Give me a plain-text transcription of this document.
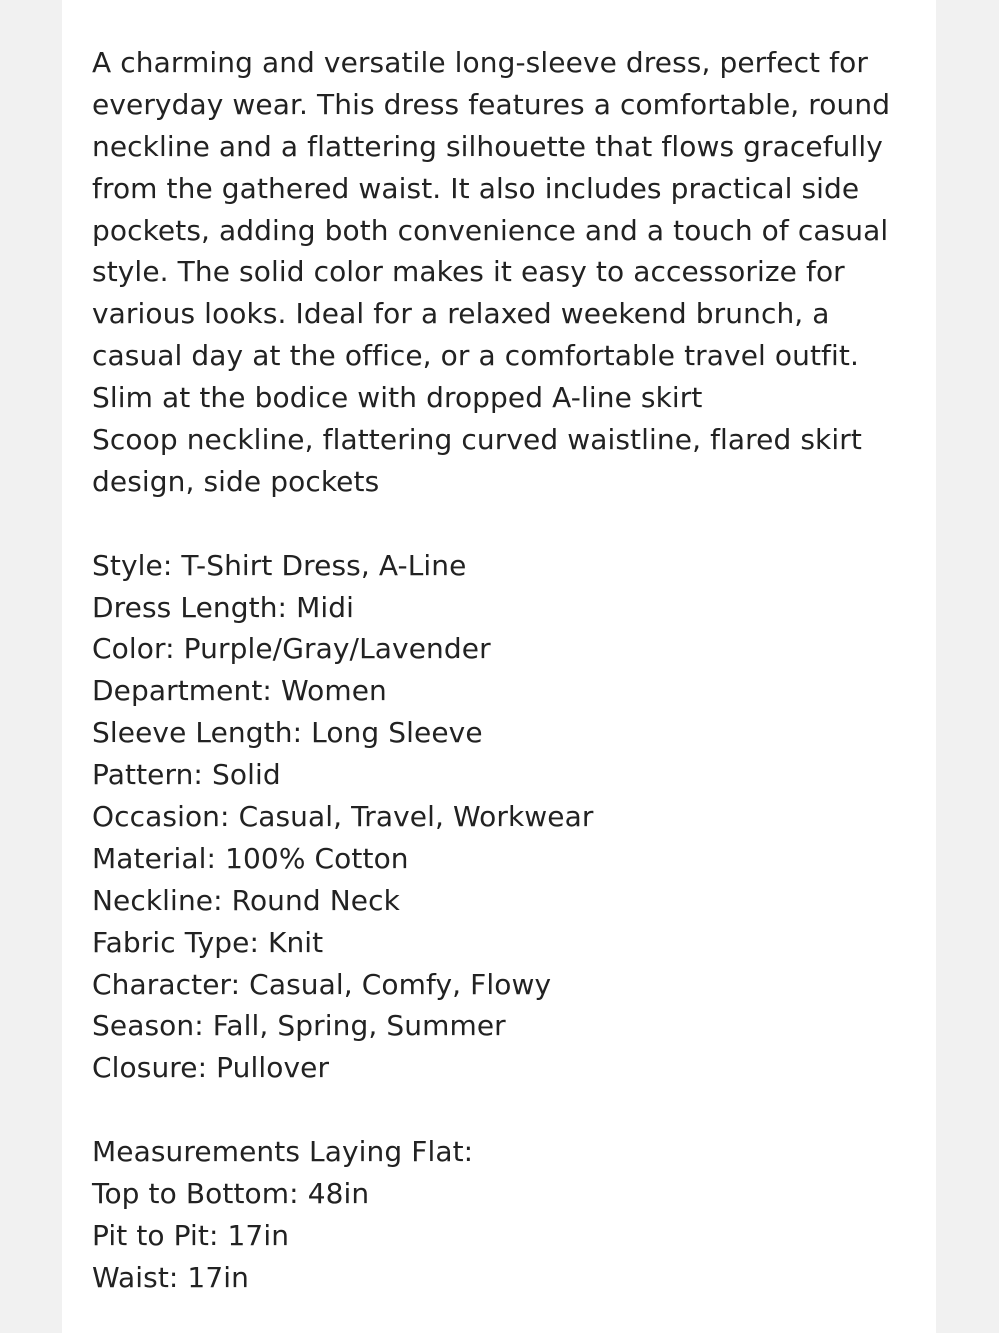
A charming and versatile long-sleeve dress, perfect for
everyday wear. This dress features a comfortable, round
neckline and a flattering silhouette that flows gracefully
from the gathered waist. It also includes practical side
pockets, adding both convenience and a touch of casual
style. The solid color makes it easy to accessorize for
various looks. Ideal for a relaxed weekend brunch, a
casual day at the office, or a comfortable travel outfit.
Slim at the bodice with dropped A-line skirt
Scoop neckline, flattering curved waistline, flared skirt
design, side pockets
Style: T-Shirt Dress, A-Line
Dress Length: Midi
Color: Purple/Gray/Lavender
Department: Women
Sleeve Length: Long Sleeve
Pattern: Solid
Occasion: Casual, Travel, Workwear
Material: 100% Cotton
Neckline: Round Neck
Fabric Type: Knit
Character: Casual, Comfy, Flowy
Season: Fall, Spring, Summer
Closure: Pullover
Measurements Laying Flat:
Top to Bottom: 48in
Pit to Pit: 17in
Waist: 17in
